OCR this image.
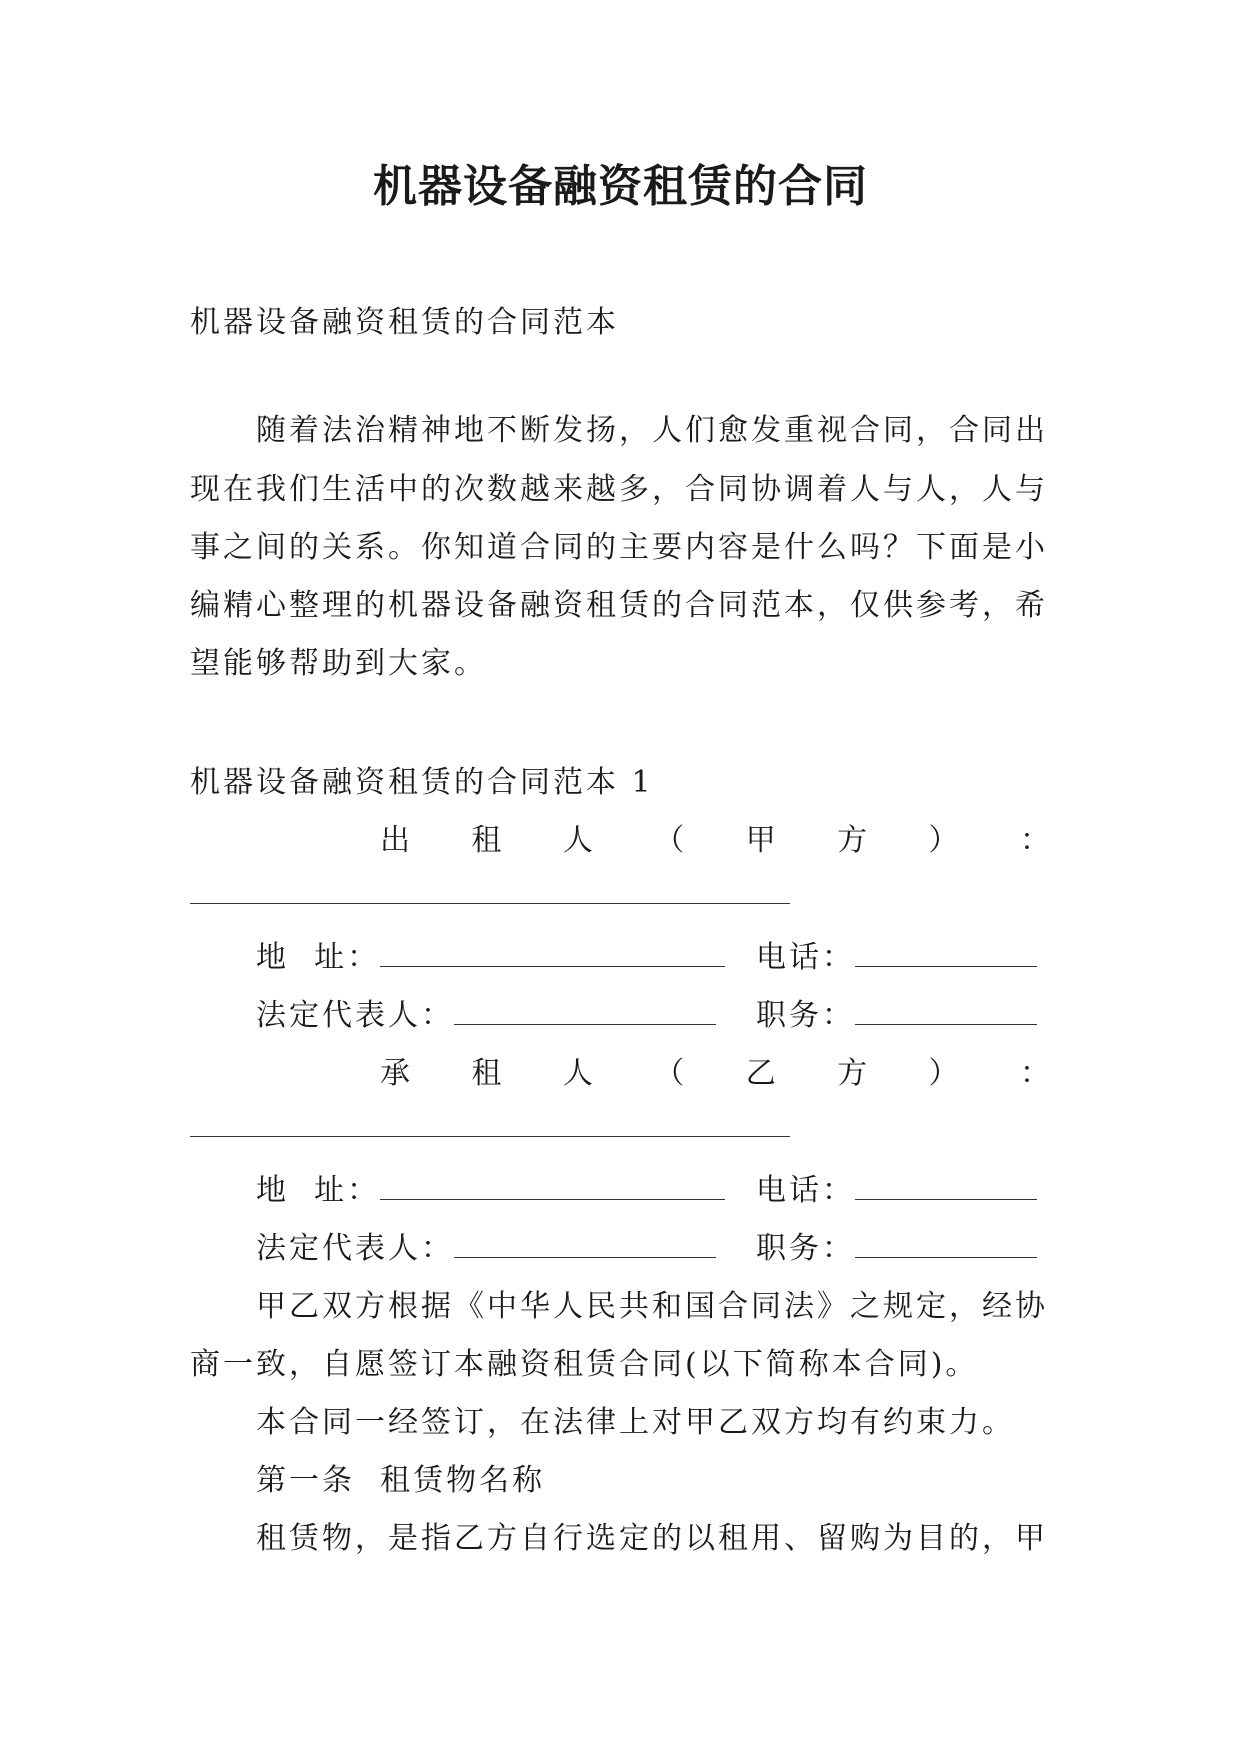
机器设备融资租赁的合同
机器设备融资租赁的合同范本
随着法治精神地不断发扬，人们愈发重视合同，合同出
现在我们生活中的次数越来越多，合同协调着人与人，人与
事之间的关系。你知道合同的主要内容是什么吗？下面是小
编精心整理的机器设备融资租赁的合同范本，仅供参考，希
望能够帮助到大家。
机器设备融资租赁的合同范本 1
出 租 人 （ 甲 方 ） ：
地  址：	电话：
法定代表人：	职务：
承 租 人 （ 乙 方 ） ：
地  址：	电话：
法定代表人：	职务：
甲乙双方根据《中华人民共和国合同法》之规定，经协
商一致，自愿签订本融资租赁合同(以下简称本合同)。
本合同一经签订，在法律上对甲乙双方均有约束力。
第一条  租赁物名称
租赁物，是指乙方自行选定的以租用、留购为目的，甲
